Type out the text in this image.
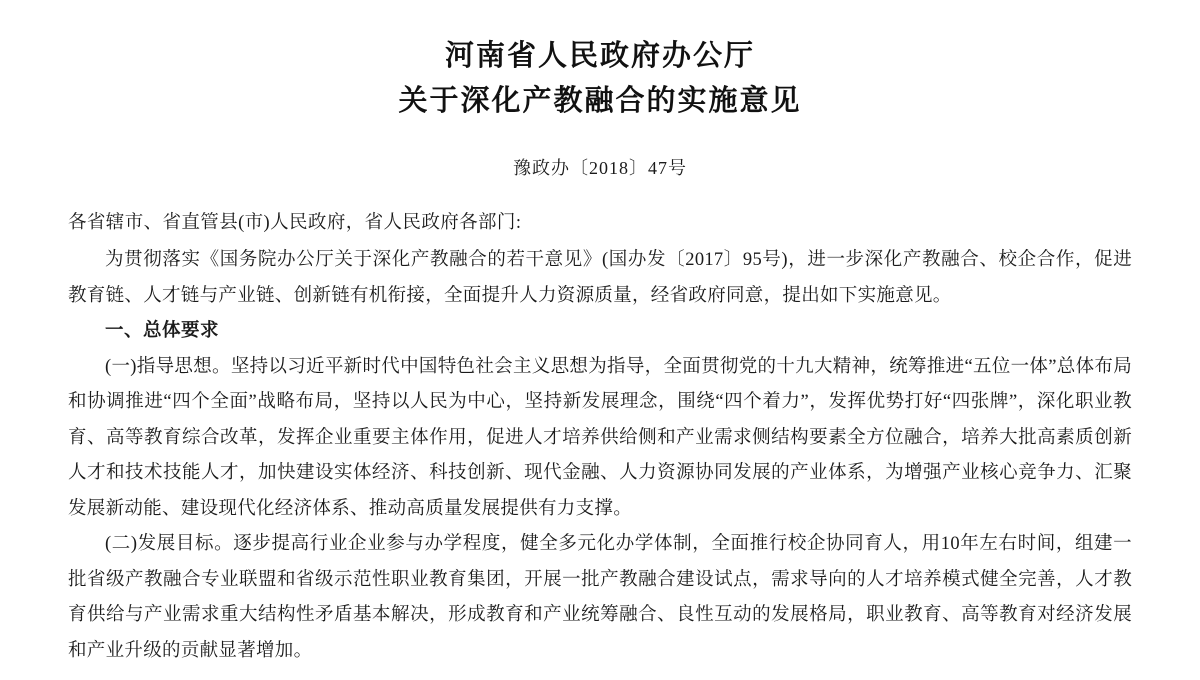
河南省人民政府办公厅
关于深化产教融合的实施意见
豫政办〔2018〕47号

各省辖市、省直管县(市)人民政府，省人民政府各部门:

为贯彻落实《国务院办公厅关于深化产教融合的若干意见》(国办发〔2017〕95号)，进一步深化产教融合、校企合作，促进教育链、人才链与产业链、创新链有机衔接，全面提升人力资源质量，经省政府同意，提出如下实施意见。

一、总体要求

(一)指导思想。坚持以习近平新时代中国特色社会主义思想为指导，全面贯彻党的十九大精神，统筹推进“五位一体”总体布局和协调推进“四个全面”战略布局，坚持以人民为中心，坚持新发展理念，围绕“四个着力”，发挥优势打好“四张牌”，深化职业教育、高等教育综合改革，发挥企业重要主体作用，促进人才培养供给侧和产业需求侧结构要素全方位融合，培养大批高素质创新人才和技术技能人才，加快建设实体经济、科技创新、现代金融、人力资源协同发展的产业体系，为增强产业核心竞争力、汇聚发展新动能、建设现代化经济体系、推动高质量发展提供有力支撑。

(二)发展目标。逐步提高行业企业参与办学程度，健全多元化办学体制，全面推行校企协同育人，用10年左右时间，组建一批省级产教融合专业联盟和省级示范性职业教育集团，开展一批产教融合建设试点，需求导向的人才培养模式健全完善，人才教育供给与产业需求重大结构性矛盾基本解决，形成教育和产业统筹融合、良性互动的发展格局，职业教育、高等教育对经济发展和产业升级的贡献显著增加。
